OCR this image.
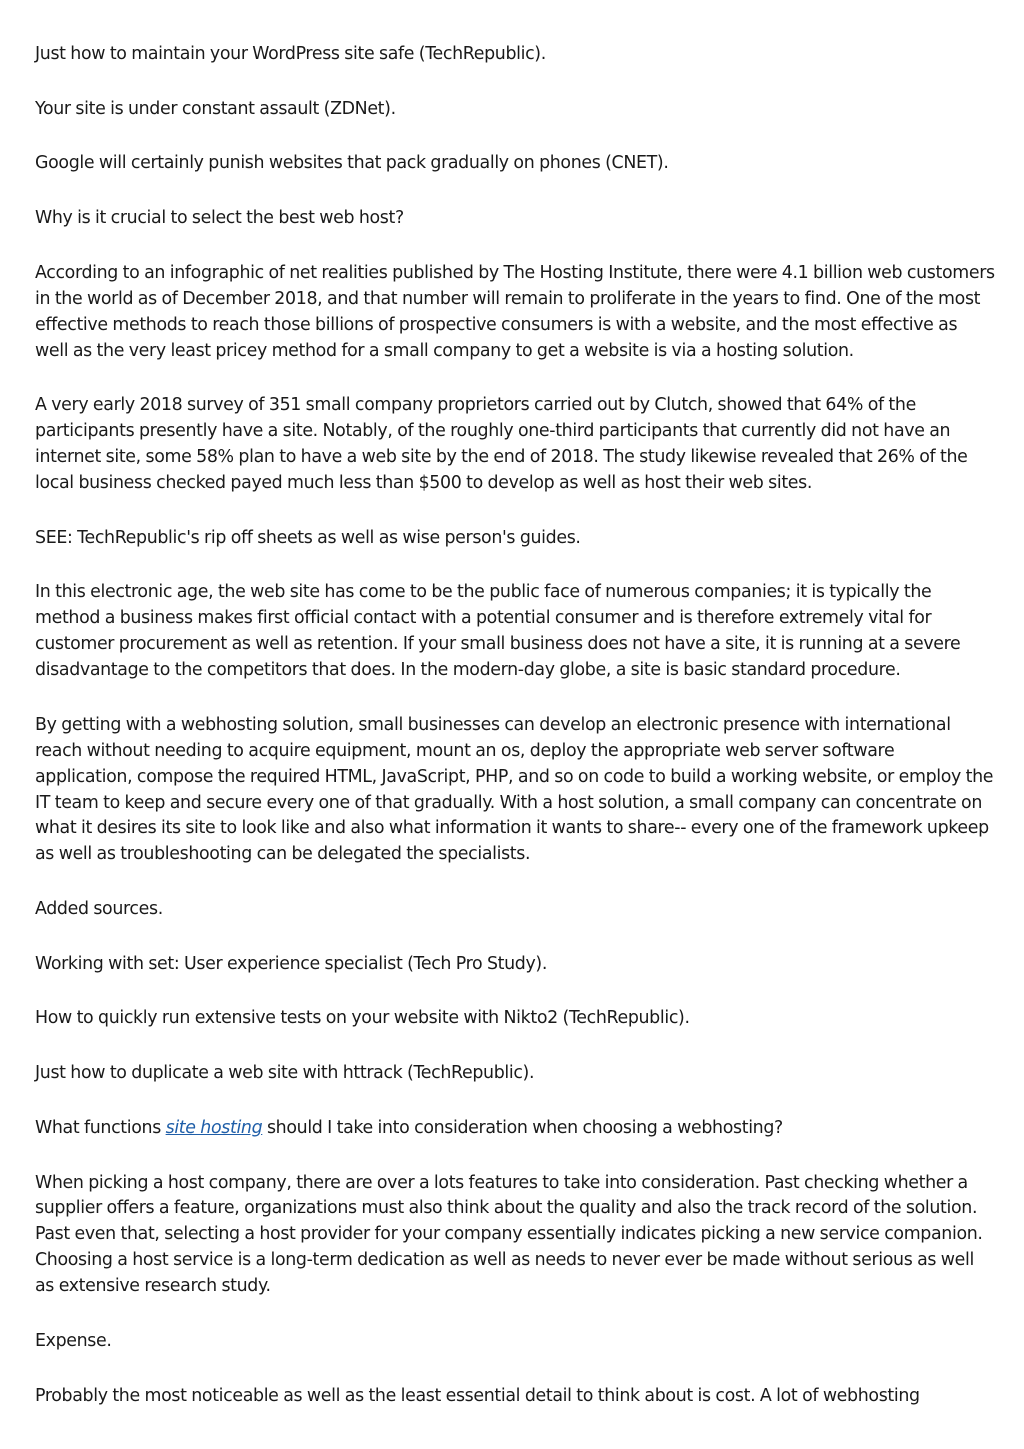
Just how to maintain your WordPress site safe (TechRepublic).

Your site is under constant assault (ZDNet).

Google will certainly punish websites that pack gradually on phones (CNET).

Why is it crucial to select the best web host?

According to an infographic of net realities published by The Hosting Institute, there were 4.1 billion web customers in the world as of December 2018, and that number will remain to proliferate in the years to find. One of the most effective methods to reach those billions of prospective consumers is with a website, and the most effective as well as the very least pricey method for a small company to get a website is via a hosting solution.

A very early 2018 survey of 351 small company proprietors carried out by Clutch, showed that 64% of the participants presently have a site. Notably, of the roughly one-third participants that currently did not have an internet site, some 58% plan to have a web site by the end of 2018. The study likewise revealed that 26% of the local business checked payed much less than $500 to develop as well as host their web sites.

SEE: TechRepublic's rip off sheets as well as wise person's guides.

In this electronic age, the web site has come to be the public face of numerous companies; it is typically the method a business makes first official contact with a potential consumer and is therefore extremely vital for customer procurement as well as retention. If your small business does not have a site, it is running at a severe disadvantage to the competitors that does. In the modern-day globe, a site is basic standard procedure.

By getting with a webhosting solution, small businesses can develop an electronic presence with international reach without needing to acquire equipment, mount an os, deploy the appropriate web server software application, compose the required HTML, JavaScript, PHP, and so on code to build a working website, or employ the IT team to keep and secure every one of that gradually. With a host solution, a small company can concentrate on what it desires its site to look like and also what information it wants to share-- every one of the framework upkeep as well as troubleshooting can be delegated the specialists.

Added sources.

Working with set: User experience specialist (Tech Pro Study).

How to quickly run extensive tests on your website with Nikto2 (TechRepublic).

Just how to duplicate a web site with httrack (TechRepublic).

What functions site hosting should I take into consideration when choosing a webhosting?

When picking a host company, there are over a lots features to take into consideration. Past checking whether a supplier offers a feature, organizations must also think about the quality and also the track record of the solution. Past even that, selecting a host provider for your company essentially indicates picking a new service companion. Choosing a host service is a long-term dedication as well as needs to never ever be made without serious as well as extensive research study.

Expense.

Probably the most noticeable as well as the least essential detail to think about is cost. A lot of webhosting
